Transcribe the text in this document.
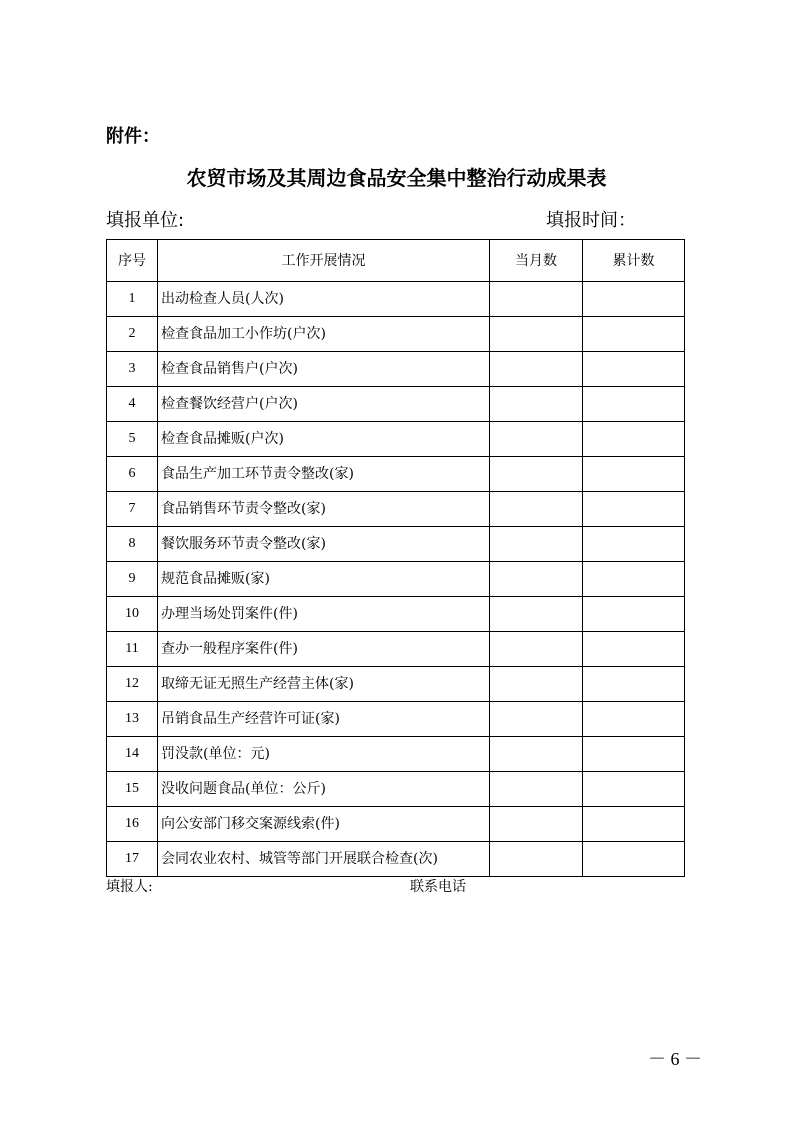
附件：
农贸市场及其周边食品安全集中整治行动成果表
填报单位:	填报时间：
序号	工作开展情况	当月数	累计数
1	出动检查人员(人次)		
2	检查食品加工小作坊(户次)		
3	检查食品销售户(户次)		
4	检查餐饮经营户(户次)		
5	检查食品摊贩(户次)		
6	食品生产加工环节责令整改(家)		
7	食品销售环节责令整改(家)		
8	餐饮服务环节责令整改(家)		
9	规范食品摊贩(家)		
10	办理当场处罚案件(件)		
11	查办一般程序案件(件)		
12	取缔无证无照生产经营主体(家)		
13	吊销食品生产经营许可证(家)		
14	罚没款(单位：元)		
15	没收问题食品(单位：公斤)		
16	向公安部门移交案源线索(件)		
17	会同农业农村、城管等部门开展联合检查(次)		
填报人:	联系电话
－ 6 －
